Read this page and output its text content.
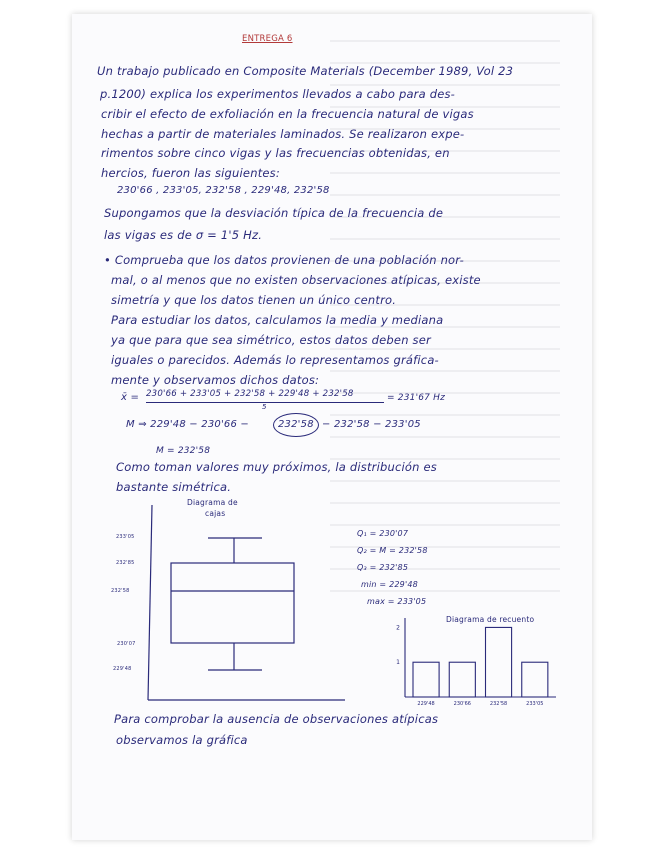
ENTREGA 6
Un trabajo publicado en Composite Materials (December 1989, Vol 23
p.1200) explica los experimentos llevados a cabo para des-
cribir el efecto de exfoliación en la frecuencia natural de vigas
hechas a partir de materiales laminados. Se realizaron expe-
rimentos sobre cinco vigas y las frecuencias obtenidas, en
hercios, fueron las siguientes:
230'66 , 233'05, 232'58 , 229'48, 232'58
Supongamos que la desviación típica de la frecuencia de
las vigas es de σ = 1'5 Hz.
• Comprueba que los datos provienen de una población nor-
mal, o al menos que no existen observaciones atípicas, existe
simetría y que los datos tienen un único centro.
Para estudiar los datos, calculamos la media y mediana
ya que para que sea simétrico, estos datos deben ser
iguales o parecidos. Además lo representamos gráfica-
mente y observamos dichos datos:
x̄ = 230'66 + 233'05 + 232'58 + 229'48 + 232'58
5
= 231'67 Hz
M ⇒ 229'48 − 230'66 −	232'58 − 232'58 − 233'05
M = 232'58
Como toman valores muy próximos, la distribución es
bastante simétrica.
Diagrama de
cajas
233'05
232'85
232'58
230'07
229'48
Q₁ = 230'07
Q₂ = M = 232'58
Q₃ = 232'85
min = 229'48
max = 233'05
Diagrama de recuento
229'48	230'66	232'58	233'05
1
2
Para comprobar la ausencia de observaciones atípicas
observamos la gráfica
